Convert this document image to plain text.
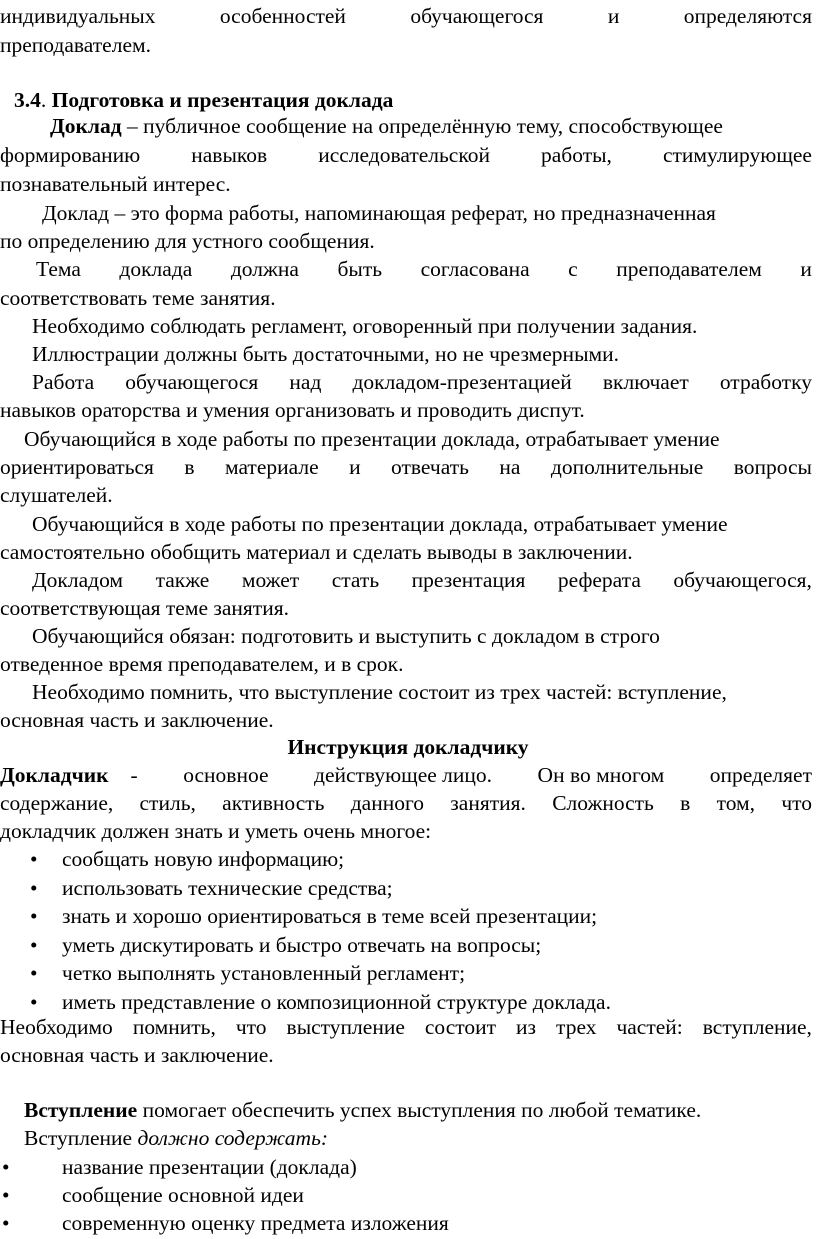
индивидуальных	особенностей	обучающегося	и	определяются
преподавателем.
3.4. Подготовка и презентация доклада
Доклад – публичное сообщение на определённую тему, способствующее
формированию навыков исследовательской работы, стимулирующее
познавательный интерес.
Доклад – это форма работы, напоминающая реферат, но предназначенная
по определению для устного сообщения.
Тема доклада должна быть согласована с преподавателем и
соответствовать теме занятия.
Необходимо соблюдать регламент, оговоренный при получении задания.
Иллюстрации должны быть достаточными, но не чрезмерными.
Работа обучающегося над докладом-презентацией включает отработку
навыков ораторства и умения организовать и проводить диспут.
Обучающийся в ходе работы по презентации доклада, отрабатывает умение
ориентироваться в материале и отвечать на дополнительные вопросы
слушателей.
Обучающийся в ходе работы по презентации доклада, отрабатывает умение
самостоятельно обобщить материал и сделать выводы в заключении.
Докладом также может стать презентация реферата обучающегося,
соответствующая теме занятия.
Обучающийся обязан: подготовить и выступить с докладом в строго
отведенное время преподавателем, и в срок.
Необходимо помнить, что выступление состоит из трех частей: вступление,
основная часть и заключение.
Инструкция докладчику
Докладчик - основное действующее лицо. Он во многом определяет
содержание, стиль, активность данного занятия. Сложность в том, что
докладчик должен знать и уметь очень многое:
• сообщать новую информацию;
• использовать технические средства;
• знать и хорошо ориентироваться в теме всей презентации;
• уметь дискутировать и быстро отвечать на вопросы;
• четко выполнять установленный регламент;
• иметь представление о композиционной структуре доклада.
Необходимо помнить, что выступление состоит из трех частей: вступление,
основная часть и заключение.
Вступление помогает обеспечить успех выступления по любой тематике.
Вступление должно содержать:
• название презентации (доклада)
• сообщение основной идеи
• современную оценку предмета изложения
